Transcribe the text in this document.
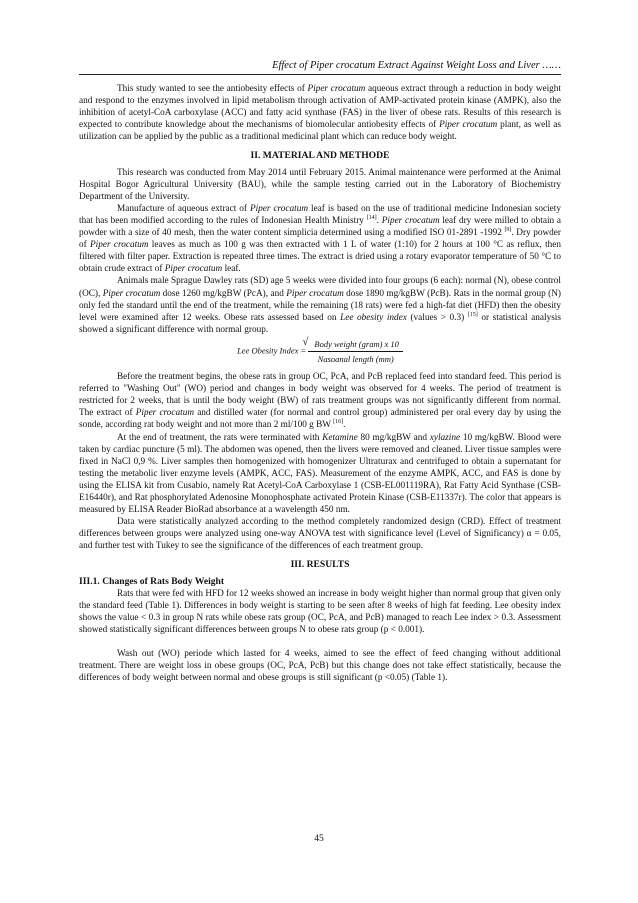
Effect of Piper crocatum Extract Against Weight Loss and Liver ……

This study wanted to see the antiobesity effects of Piper crocatum aqueous extract through a reduction in body weight and respond to the enzymes involved in lipid metabolism through activation of AMP-activated protein kinase (AMPK), also the inhibition of acetyl-CoA carboxylase (ACC) and fatty acid synthase (FAS) in the liver of obese rats. Results of this research is expected to contribute knowledge about the mechanisms of biomolecular antiobesity effects of Piper crocatum plant, as well as utilization can be applied by the public as a traditional medicinal plant which can reduce body weight.

II. MATERIAL AND METHODE

This research was conducted from May 2014 until February 2015. Animal maintenance were performed at the Animal Hospital Bogor Agricultural University (BAU), while the sample testing carried out in the Laboratory of Biochemistry Department of the University.

Manufacture of aqueous extract of Piper crocatum leaf is based on the use of traditional medicine Indonesian society that has been modified according to the rules of Indonesian Health Ministry [14]. Piper crocatum leaf dry were milled to obtain a powder with a size of 40 mesh, then the water content simplicia determined using a modified ISO 01-2891 -1992 [9]. Dry powder of Piper crocatum leaves as much as 100 g was then extracted with 1 L of water (1:10) for 2 hours at 100 °C as reflux, then filtered with filter paper. Extraction is repeated three times. The extract is dried using a rotary evaporator temperature of 50 °C to obtain crude extract of Piper crocatum leaf.

Animals male Sprague Dawley rats (SD) age 5 weeks were divided into four groups (6 each): normal (N), obese control (OC), Piper crocatum dose 1260 mg/kgBW (PcA), and Piper crocatum dose 1890 mg/kgBW (PcB). Rats in the normal group (N) only fed the standard until the end of the treatment, while the remaining (18 rats) were fed a high-fat diet (HFD) then the obesity level were examined after 12 weeks. Obese rats assessed based on Lee obesity index (values > 0.3) [15] or statistical analysis showed a significant difference with normal group.

Lee Obesity Index =
√ $\frac{\text{Body weight (gram) x 10}}{\text{Nasoanal length (mm)}}$

Before the treatment begins, the obese rats in group OC, PcA, and PcB replaced feed into standard feed. This period is referred to "Washing Out" (WO) period and changes in body weight was observed for 4 weeks. The period of treatment is restricted for 2 weeks, that is until the body weight (BW) of rats treatment groups was not significantly different from normal. The extract of Piper crocatum and distilled water (for normal and control group) administered per oral every day by using the sonde, according rat body weight and not more than 2 ml/100 g BW [16].

At the end of treatment, the rats were terminated with Ketamine 80 mg/kgBW and xylazine 10 mg/kgBW. Blood were taken by cardiac puncture (5 ml). The abdomen was opened, then the livers were removed and cleaned. Liver tissue samples were fixed in NaCl 0,9 %. Liver samples then homogenized with homogenizer Ultraturax and centrifuged to obtain a supernatant for testing the metabolic liver enzyme levels (AMPK, ACC, FAS). Measurement of the enzyme AMPK, ACC, and FAS is done by using the ELISA kit from Cusabio, namely Rat Acetyl-CoA Carboxylase 1 (CSB-EL001119RA), Rat Fatty Acid Synthase (CSB-E16440r), and Rat phosphorylated Adenosine Monophosphate activated Protein Kinase (CSB-E11337r). The color that appears is measured by ELISA Reader BioRad absorbance at a wavelength 450 nm.

Data were statistically analyzed according to the method completely randomized design (CRD). Effect of treatment differences between groups were analyzed using one-way ANOVA test with significance level (Level of Significancy) α = 0.05, and further test with Tukey to see the significance of the differences of each treatment group.

III. RESULTS
III.1. Changes of Rats Body Weight

Rats that were fed with HFD for 12 weeks showed an increase in body weight higher than normal group that given only the standard feed (Table 1). Differences in body weight is starting to be seen after 8 weeks of high fat feeding. Lee obesity index shows the value < 0.3 in group N rats while obese rats group (OC, PcA, and PcB) managed to reach Lee index > 0.3. Assessment showed statistically significant differences between groups N to obese rats group (p < 0.001).

Wash out (WO) periode which lasted for 4 weeks, aimed to see the effect of feed changing without additional treatment. There are weight loss in obese groups (OC, PcA, PcB) but this change does not take effect statistically, because the differences of body weight between normal and obese groups is still significant (p <0.05) (Table 1).

45
